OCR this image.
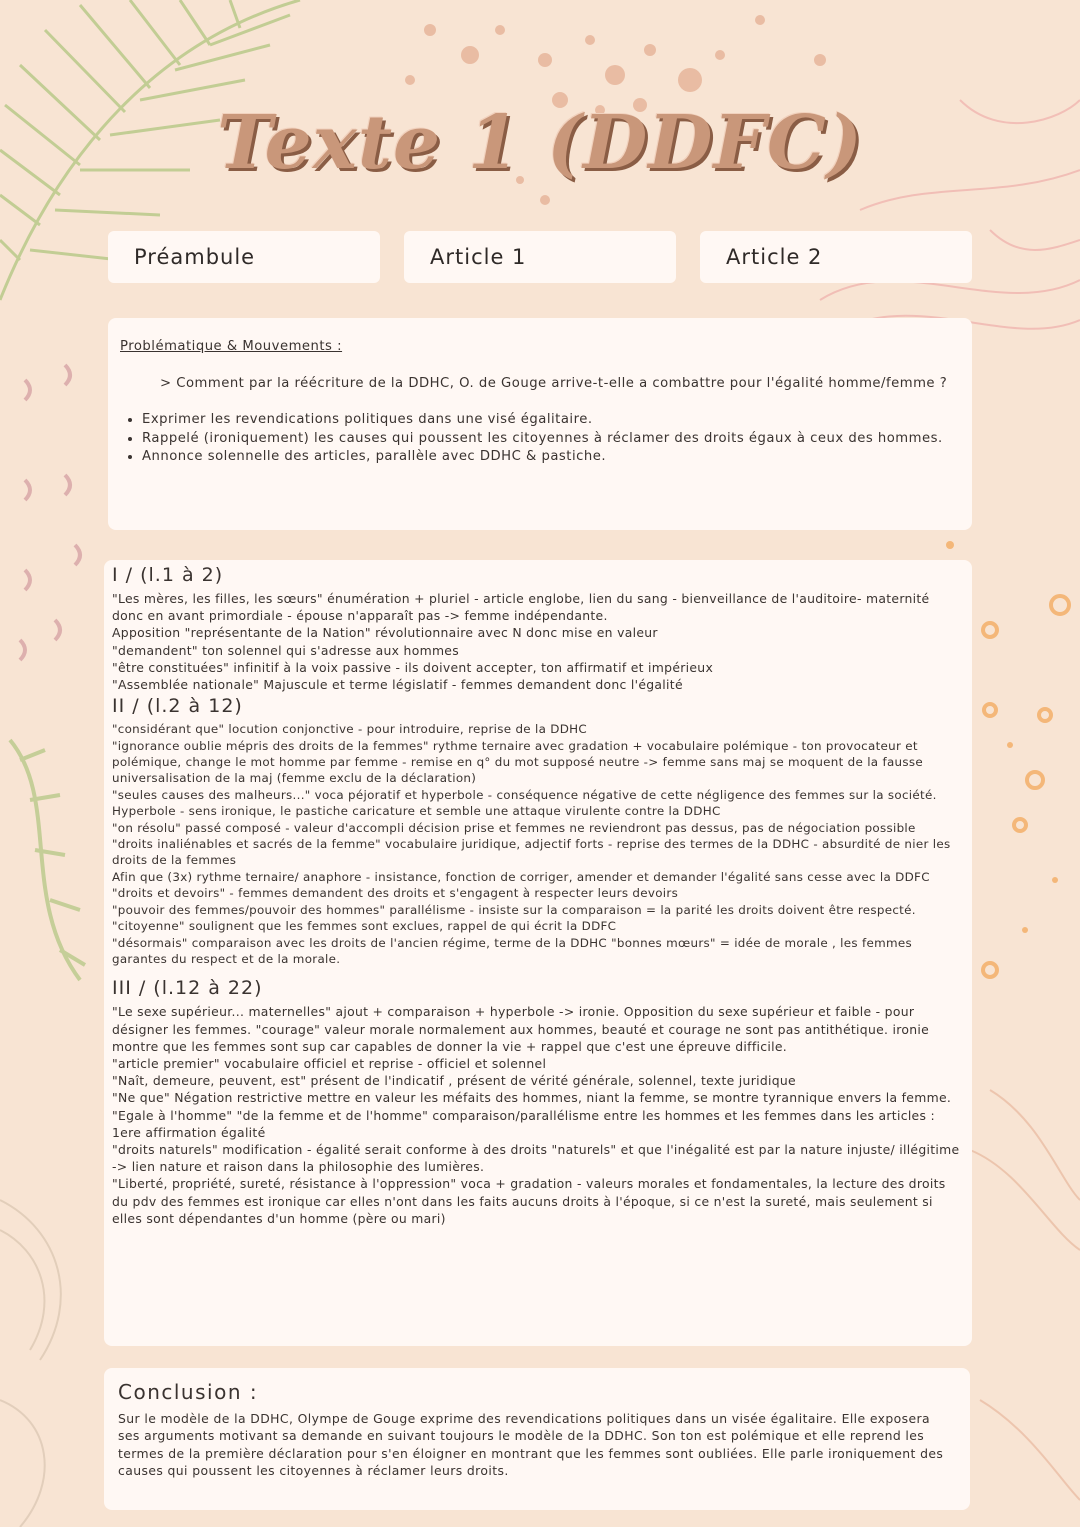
Texte 1 (DDFC)
Préambule	Article 1	Article 2
Problématique & Mouvements :

> Comment par la réécriture de la DDHC, O. de Gouge arrive-t-elle a combattre pour l'égalité homme/femme ?

• Exprimer les revendications politiques dans une visé égalitaire.
• Rappelé (ironiquement) les causes qui poussent les citoyennes à réclamer des droits égaux à ceux des hommes.
• Annonce solennelle des articles, parallèle avec DDHC & pastiche.
I / (l.1 à 2)

"Les mères, les filles, les sœurs" énumération + pluriel - article englobe, lien du sang - bienveillance de l'auditoire- maternité donc en avant primordiale - épouse n'apparaît pas -> femme indépendante.

Apposition "représentante de la Nation" révolutionnaire avec N donc mise en valeur

"demandent" ton solennel qui s'adresse aux hommes

"être constituées" infinitif à la voix passive - ils doivent accepter, ton affirmatif et impérieux

"Assemblée nationale" Majuscule et terme législatif - femmes demandent donc l'égalité

II / (l.2 à 12)

"considérant que" locution conjonctive - pour introduire, reprise de la DDHC

"ignorance oublie mépris des droits de la femmes" rythme ternaire avec gradation + vocabulaire polémique - ton provocateur et polémique, change le mot homme par femme - remise en q° du mot supposé neutre -> femme sans maj se moquent de la fausse universalisation de la maj (femme exclu de la déclaration)

"seules causes des malheurs..." voca péjoratif et hyperbole - conséquence négative de cette négligence des femmes sur la société. Hyperbole - sens ironique, le pastiche caricature et semble une attaque virulente contre la DDHC

"on résolu" passé composé - valeur d'accompli décision prise et femmes ne reviendront pas dessus, pas de négociation possible

"droits inaliénables et sacrés de la femme" vocabulaire juridique, adjectif forts - reprise des termes de la DDHC - absurdité de nier les droits de la femmes

Afin que (3x) rythme ternaire/ anaphore - insistance, fonction de corriger, amender et demander l'égalité sans cesse avec la DDFC

"droits et devoirs" - femmes demandent des droits et s'engagent à respecter leurs devoirs

"pouvoir des femmes/pouvoir des hommes" parallélisme - insiste sur la comparaison = la parité les droits doivent être respecté.

"citoyenne" soulignent que les femmes sont exclues, rappel de qui écrit la DDFC

"désormais" comparaison avec les droits de l'ancien régime, terme de la DDHC "bonnes mœurs" = idée de morale , les femmes garantes du respect et de la morale.

III / (l.12 à 22)

"Le sexe supérieur... maternelles" ajout + comparaison + hyperbole -> ironie. Opposition du sexe supérieur et faible - pour désigner les femmes. "courage" valeur morale normalement aux hommes, beauté et courage ne sont pas antithétique. ironie montre que les femmes sont sup car capables de donner la vie + rappel que c'est une épreuve difficile.

"article premier" vocabulaire officiel et reprise - officiel et solennel

"Naît, demeure, peuvent, est" présent de l'indicatif , présent de vérité générale, solennel, texte juridique

"Ne que" Négation restrictive mettre en valeur les méfaits des hommes, niant la femme, se montre tyrannique envers la femme.

"Egale à l'homme" "de la femme et de l'homme" comparaison/parallélisme entre les hommes et les femmes dans les articles : 1ere affirmation égalité

"droits naturels" modification - égalité serait conforme à des droits "naturels" et que l'inégalité est par la nature injuste/ illégitime -> lien nature et raison dans la philosophie des lumières.

"Liberté, propriété, sureté, résistance à l'oppression" voca + gradation - valeurs morales et fondamentales, la lecture des droits du pdv des femmes est ironique car elles n'ont dans les faits aucuns droits à l'époque, si ce n'est la sureté, mais seulement si elles sont dépendantes d'un homme (père ou mari)

Conclusion :

Sur le modèle de la DDHC, Olympe de Gouge exprime des revendications politiques dans un visée égalitaire. Elle exposera ses arguments motivant sa demande en suivant toujours le modèle de la DDHC. Son ton est polémique et elle reprend les termes de la première déclaration pour s'en éloigner en montrant que les femmes sont oubliées. Elle parle ironiquement des causes qui poussent les citoyennes à réclamer leurs droits.
